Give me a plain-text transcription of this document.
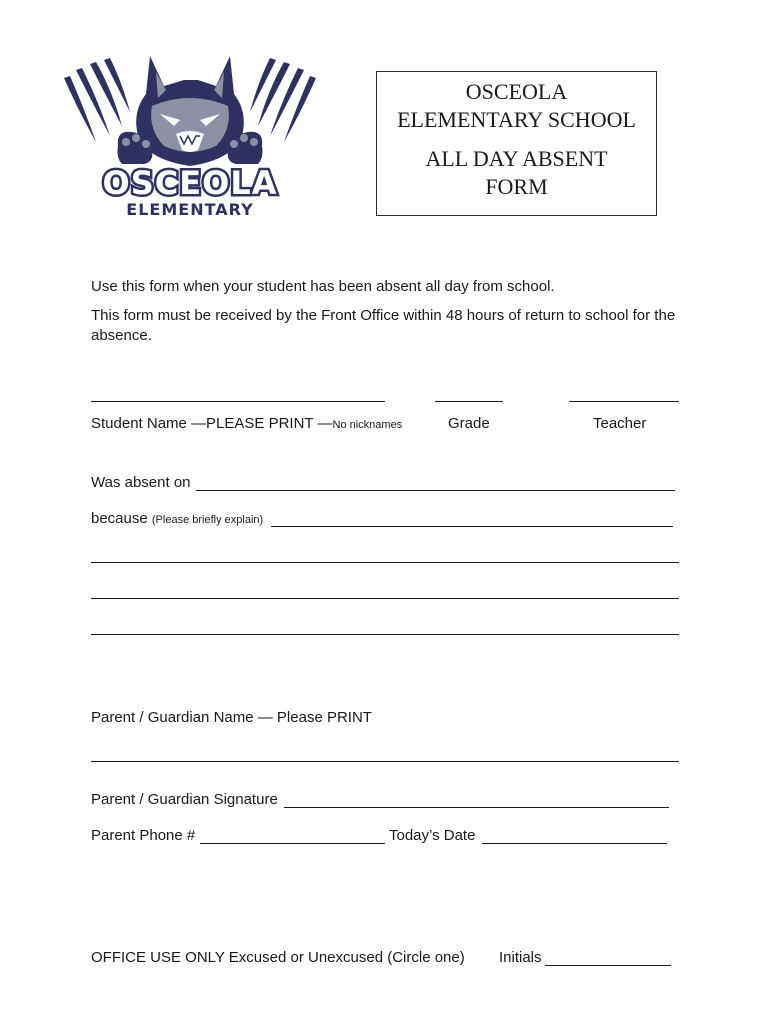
OSCEOLA
ELEMENTARY
OSCEOLA
ELEMENTARY SCHOOL
ALL DAY ABSENT
FORM
Use this form when your student has been absent all day from school.
This form must be received by the Front Office within 48 hours of return to school for the absence.
Student Name —PLEASE PRINT —No nicknames	Grade	Teacher
Was absent on
because (Please briefly explain)
Parent / Guardian Name — Please PRINT
Parent / Guardian Signature
Parent Phone #	Today’s Date
OFFICE USE ONLY Excused or Unexcused (Circle one) Initials
